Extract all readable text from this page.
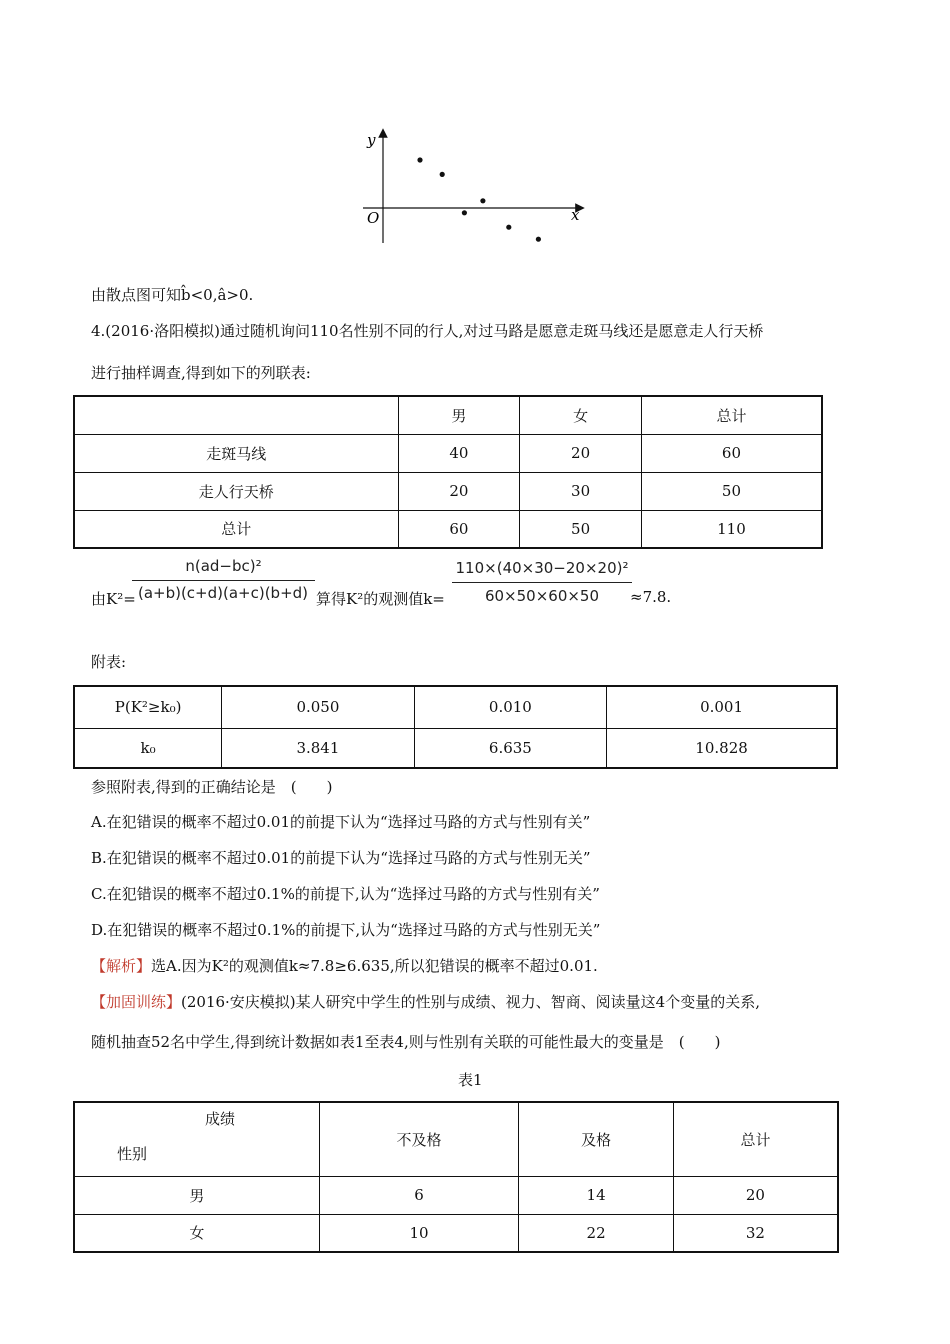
y
x
O
由散点图可知b̂<0,â>0.
4.(2016·洛阳模拟)通过随机询问110名性别不同的行人,对过马路是愿意走斑马线还是愿意走人行天桥
进行抽样调查,得到如下的列联表:
	男	女	总计
走斑马线	40	20	60
走人行天桥	20	30	50
总计	60	50	110
由K²=
n(ad−bc)²
(a+b)(c+d)(a+c)(b+d) 算得K²的观测值k=
110×(40×30−20×20)²
60×50×60×50	≈7.8.
附表:
P(K²≥k₀)	0.050	0.010	0.001
k₀	3.841	6.635	10.828
参照附表,得到的正确结论是　(　　)
A.在犯错误的概率不超过0.01的前提下认为“选择过马路的方式与性别有关”
B.在犯错误的概率不超过0.01的前提下认为“选择过马路的方式与性别无关”
C.在犯错误的概率不超过0.1%的前提下,认为“选择过马路的方式与性别有关”
D.在犯错误的概率不超过0.1%的前提下,认为“选择过马路的方式与性别无关”
【解析】选A.因为K²的观测值k≈7.8≥6.635,所以犯错误的概率不超过0.01.
【加固训练】(2016·安庆模拟)某人研究中学生的性别与成绩、视力、智商、阅读量这4个变量的关系,
随机抽查52名中学生,得到统计数据如表1至表4,则与性别有关联的可能性最大的变量是　(　　)
表1
成绩
性别	不及格	及格	总计
男	6	14	20
女	10	22	32
